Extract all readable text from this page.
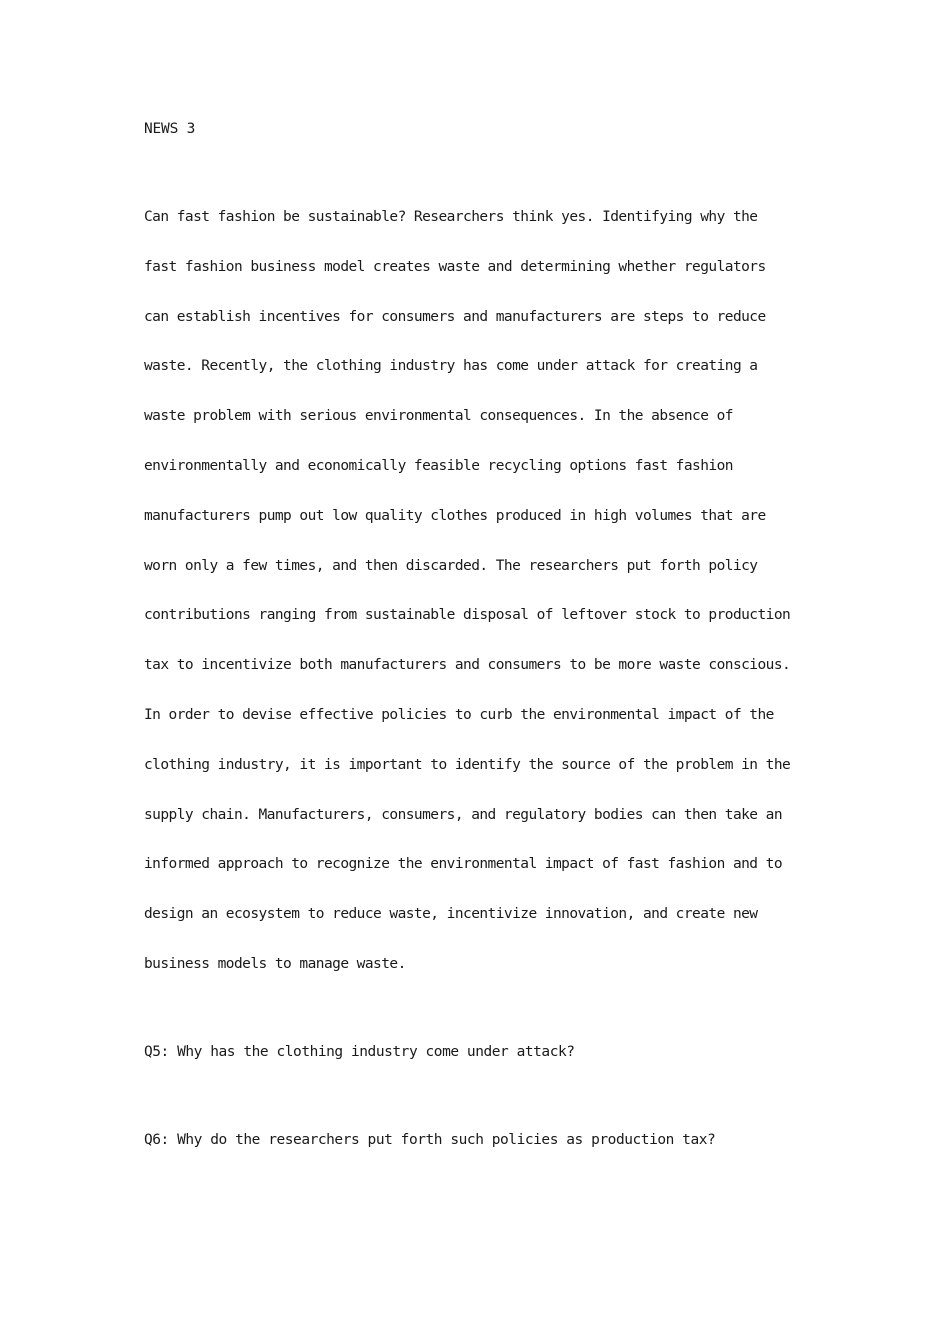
NEWS 3
Can fast fashion be sustainable? Researchers think yes. Identifying why the
fast fashion business model creates waste and determining whether regulators
can establish incentives for consumers and manufacturers are steps to reduce
waste. Recently, the clothing industry has come under attack for creating a
waste problem with serious environmental consequences. In the absence of
environmentally and economically feasible recycling options fast fashion
manufacturers pump out low quality clothes produced in high volumes that are
worn only a few times, and then discarded. The researchers put forth policy
contributions ranging from sustainable disposal of leftover stock to production
tax to incentivize both manufacturers and consumers to be more waste conscious.
In order to devise effective policies to curb the environmental impact of the
clothing industry, it is important to identify the source of the problem in the
supply chain. Manufacturers, consumers, and regulatory bodies can then take an
informed approach to recognize the environmental impact of fast fashion and to
design an ecosystem to reduce waste, incentivize innovation, and create new
business models to manage waste.
Q5: Why has the clothing industry come under attack?
Q6: Why do the researchers put forth such policies as production tax?
